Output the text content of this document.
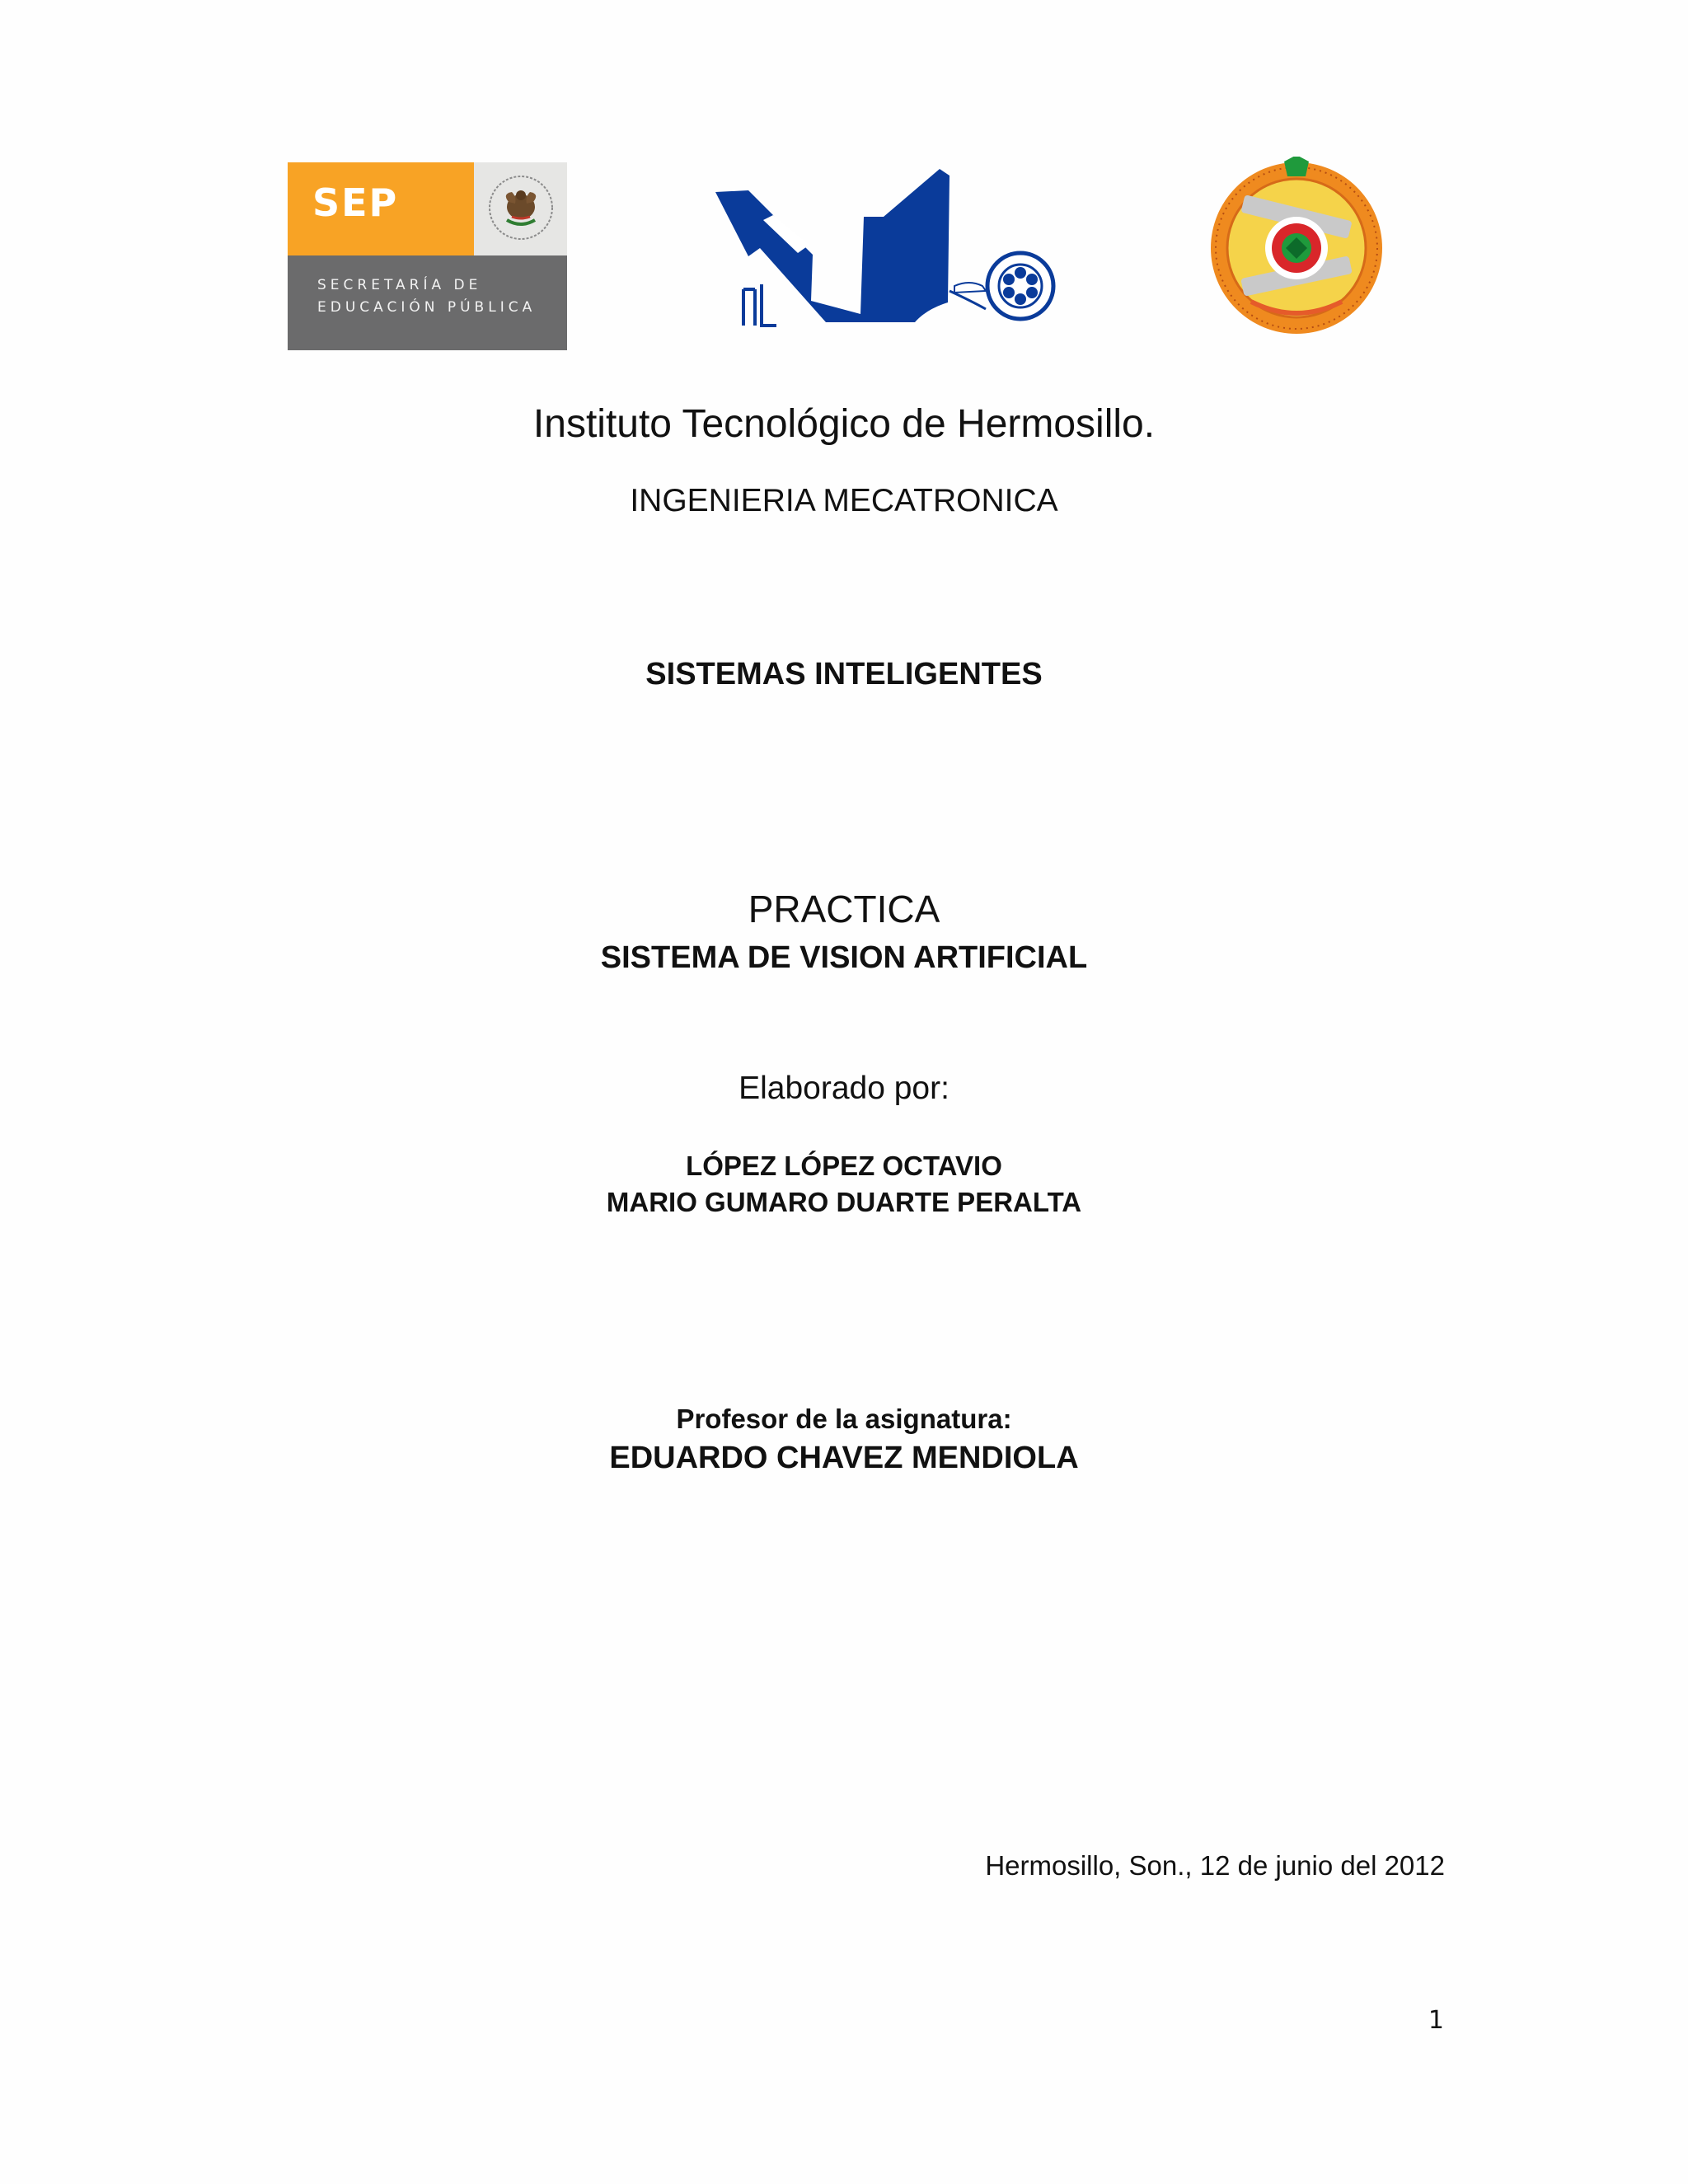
SEP
SECRETARÍA DE
EDUCACIÓN PÚBLICA

Instituto Tecnológico de Hermosillo.

INGENIERIA MECATRONICA

SISTEMAS INTELIGENTES

PRACTICA

SISTEMA DE VISION ARTIFICIAL

Elaborado por:

LÓPEZ LÓPEZ OCTAVIO

MARIO GUMARO DUARTE PERALTA

Profesor de la asignatura:

EDUARDO CHAVEZ MENDIOLA

Hermosillo, Son., 12 de junio del 2012

1
